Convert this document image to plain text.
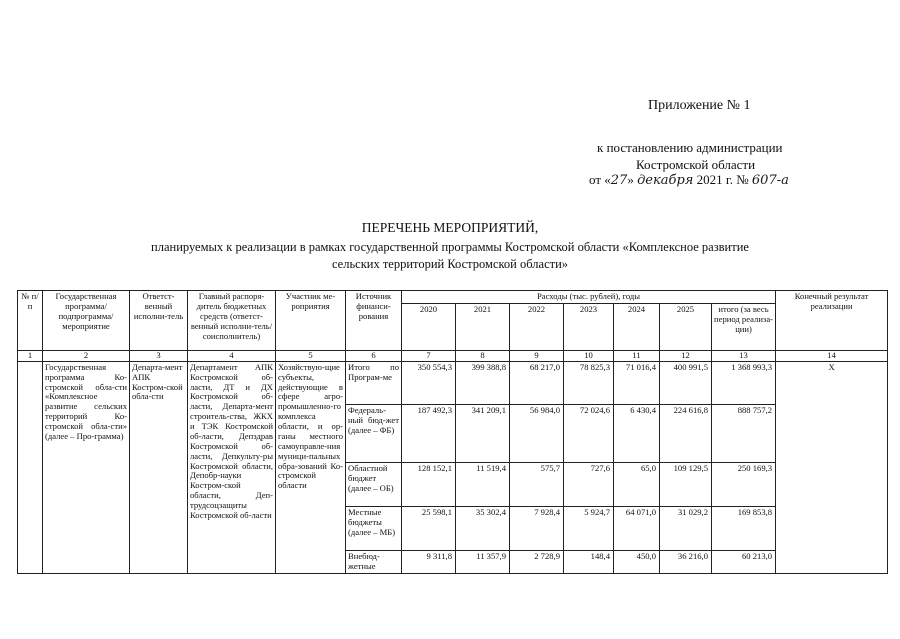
Приложение № 1
к постановлению администрации
Костромской области
от «27» декабря 2021 г. № 607-а
ПЕРЕЧЕНЬ МЕРОПРИЯТИЙ,
планируемых к реализации в рамках государственной программы Костромской области «Комплексное развитие
сельских территорий Костромской области»
№ п/п	Государственная программа/ подпрограмма/ мероприятие	Ответст-венный исполни-тель	Главный распоря-дитель бюджетных средств (ответст-венный исполни-тель/ соисполнитель)	Участник ме-роприятия	Источник финанси-рования	Расходы (тыс. рублей), годы							Конечный результат реализации
						2020	2021	2022	2023	2024	2025	итого (за весь период реализа-ции)	
1	2	3	4	5	6	7	8	9	10	11	12	13	14
	Государственная программа Ко-стромской обла-сти «Комплексное развитие сельских территорий Ко-стромской обла-сти» (далее – Про-грамма)	Департа-мент АПК Костром-ской обла-сти	Департамент АПК Костромской об-ласти, ДТ и ДХ Костромской об-ласти, Департа-мент строитель-ства, ЖКХ и ТЭК Костромской об-ласти, Депздрав Костромской об-ласти, Депкульту-ры Костромской области, Депобр-науки Костром-ской области, Деп-трудсоцзащиты Костромской об-ласти	Хозяйствую-щие субъекты, действующие в сфере агро-промышленно-го комплекса области, и ор-ганы местного самоуправле-ния муници-пальных обра-зований Ко-стромской области	Итого по Програм-ме	350 554,3	399 388,8	68 217,0	78 825,3	71 016,4	400 991,5	1 368 993,3	Х
					Федераль-ный бюд-жет (далее – ФБ)	187 492,3	341 209,1	56 984,0	72 024,6	6 430,4	224 616,8	888 757,2	
					Областной бюджет (далее – ОБ)	128 152,1	11 519,4	575,7	727,6	65,0	109 129,5	250 169,3	
					Местные бюджеты (далее – МБ)	25 598,1	35 302,4	7 928,4	5 924,7	64 071,0	31 029,2	169 853,8	
					Внебюд-жетные	9 311,8	11 357,9	2 728,9	148,4	450,0	36 216,0	60 213,0	
